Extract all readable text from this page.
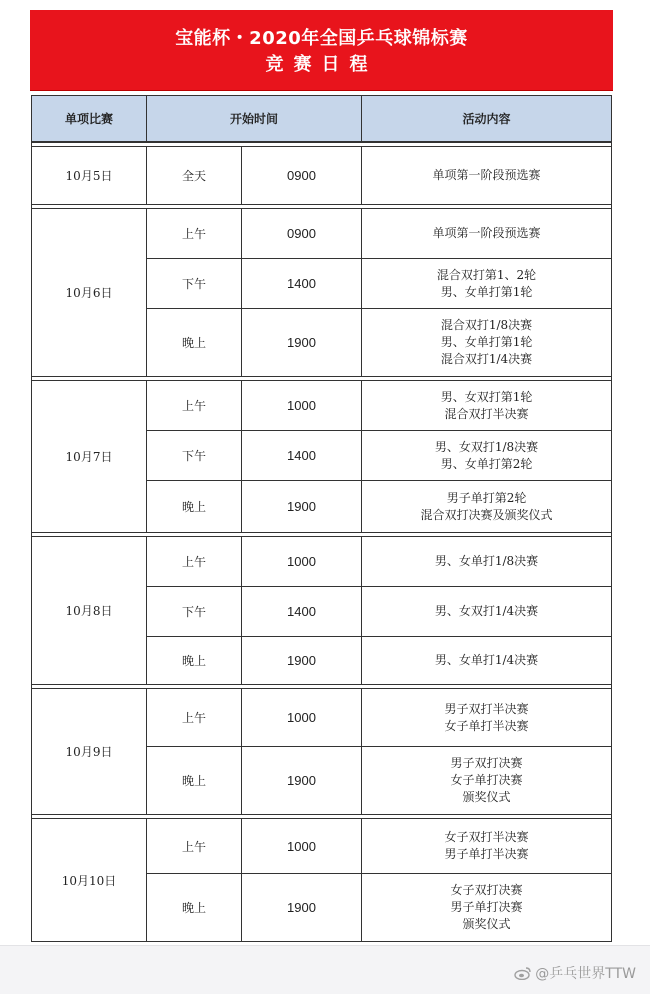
宝能杯・2020年全国乒乓球锦标赛
竞赛日程
单项比赛	开始时间		活动内容

10月5日	全天	0900	单项第一阶段预选赛

10月6日	上午	0900	单项第一阶段预选赛

	下午	1400	混合双打第1、2轮
男、女单打第1轮

	晚上	1900	混合双打1/8决赛
男、女单打第1轮
混合双打1/4决赛

10月7日	上午	1000	男、女双打第1轮
混合双打半决赛

	下午	1400	男、女双打1/8决赛
男、女单打第2轮

	晚上	1900	男子单打第2轮
混合双打决赛及颁奖仪式

10月8日	上午	1000	男、女单打1/8决赛

	下午	1400	男、女双打1/4决赛

	晚上	1900	男、女单打1/4决赛

10月9日	上午	1000	男子双打半决赛
女子单打半决赛

	晚上	1900	男子双打决赛
女子单打决赛
颁奖仪式

10月10日	上午	1000	女子双打半决赛
男子单打半决赛

	晚上	1900	女子双打决赛
男子单打决赛
颁奖仪式
@乒乓世界TTW
